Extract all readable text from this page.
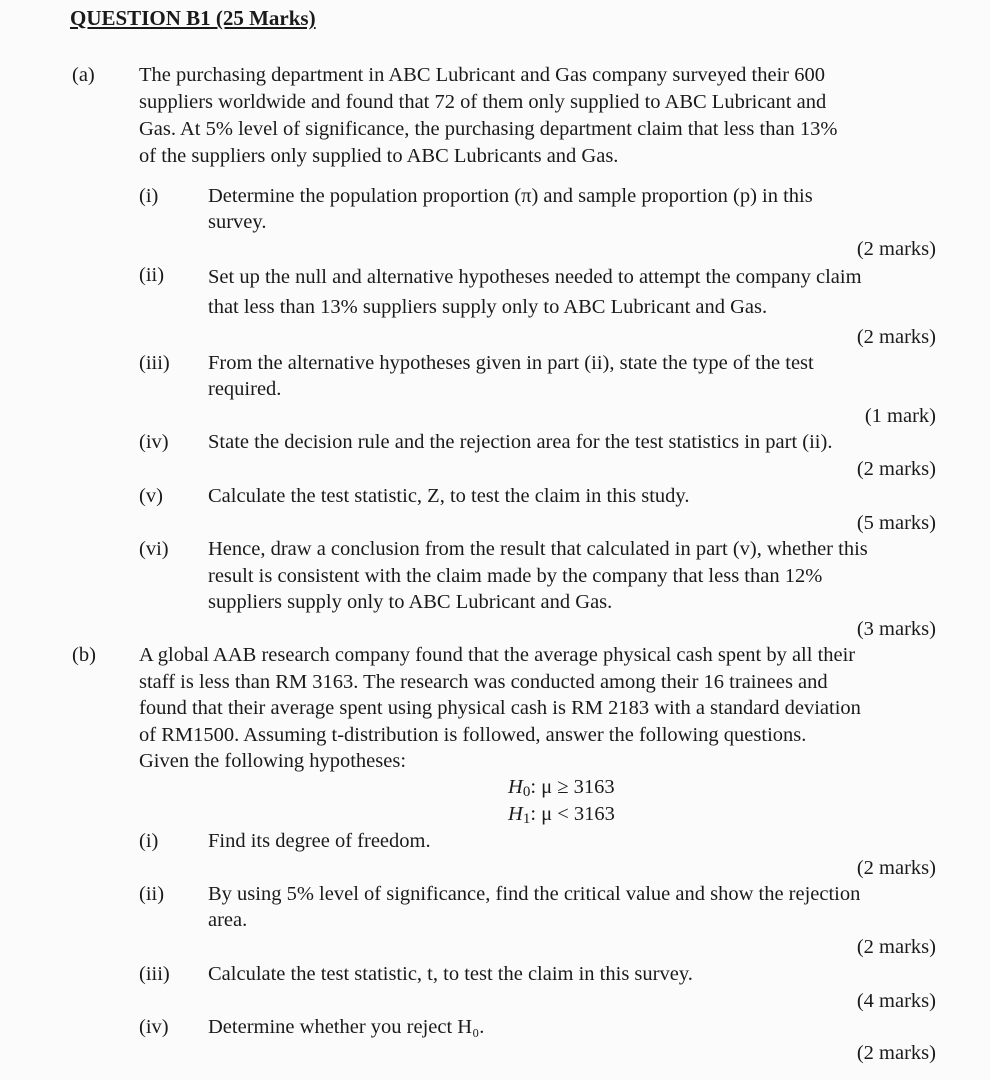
QUESTION B1 (25 Marks)
(a) The purchasing department in ABC Lubricant and Gas company surveyed their 600
suppliers worldwide and found that 72 of them only supplied to ABC Lubricant and
Gas. At 5% level of significance, the purchasing department claim that less than 13%
of the suppliers only supplied to ABC Lubricants and Gas.
(i) Determine the population proportion (π) and sample proportion (p) in this
survey.
(2 marks)
(ii) Set up the null and alternative hypotheses needed to attempt the company claim
that less than 13% suppliers supply only to ABC Lubricant and Gas.
(2 marks)
(iii) From the alternative hypotheses given in part (ii), state the type of the test
required.
(1 mark)
(iv) State the decision rule and the rejection area for the test statistics in part (ii).
(2 marks)
(v) Calculate the test statistic, Z, to test the claim in this study.
(5 marks)
(vi) Hence, draw a conclusion from the result that calculated in part (v), whether this
result is consistent with the claim made by the company that less than 12%
suppliers supply only to ABC Lubricant and Gas.
(3 marks)
(b) A global AAB research company found that the average physical cash spent by all their
staff is less than RM 3163. The research was conducted among their 16 trainees and
found that their average spent using physical cash is RM 2183 with a standard deviation
of RM1500. Assuming t-distribution is followed, answer the following questions.
Given the following hypotheses:
$H_0$: μ ≥ 3163
$H_1$: μ < 3163
(i) Find its degree of freedom.
(2 marks)
(ii) By using 5% level of significance, find the critical value and show the rejection
area.
(2 marks)
(iii) Calculate the test statistic, t, to test the claim in this survey.
(4 marks)
(iv) Determine whether you reject H₀.
(2 marks)
